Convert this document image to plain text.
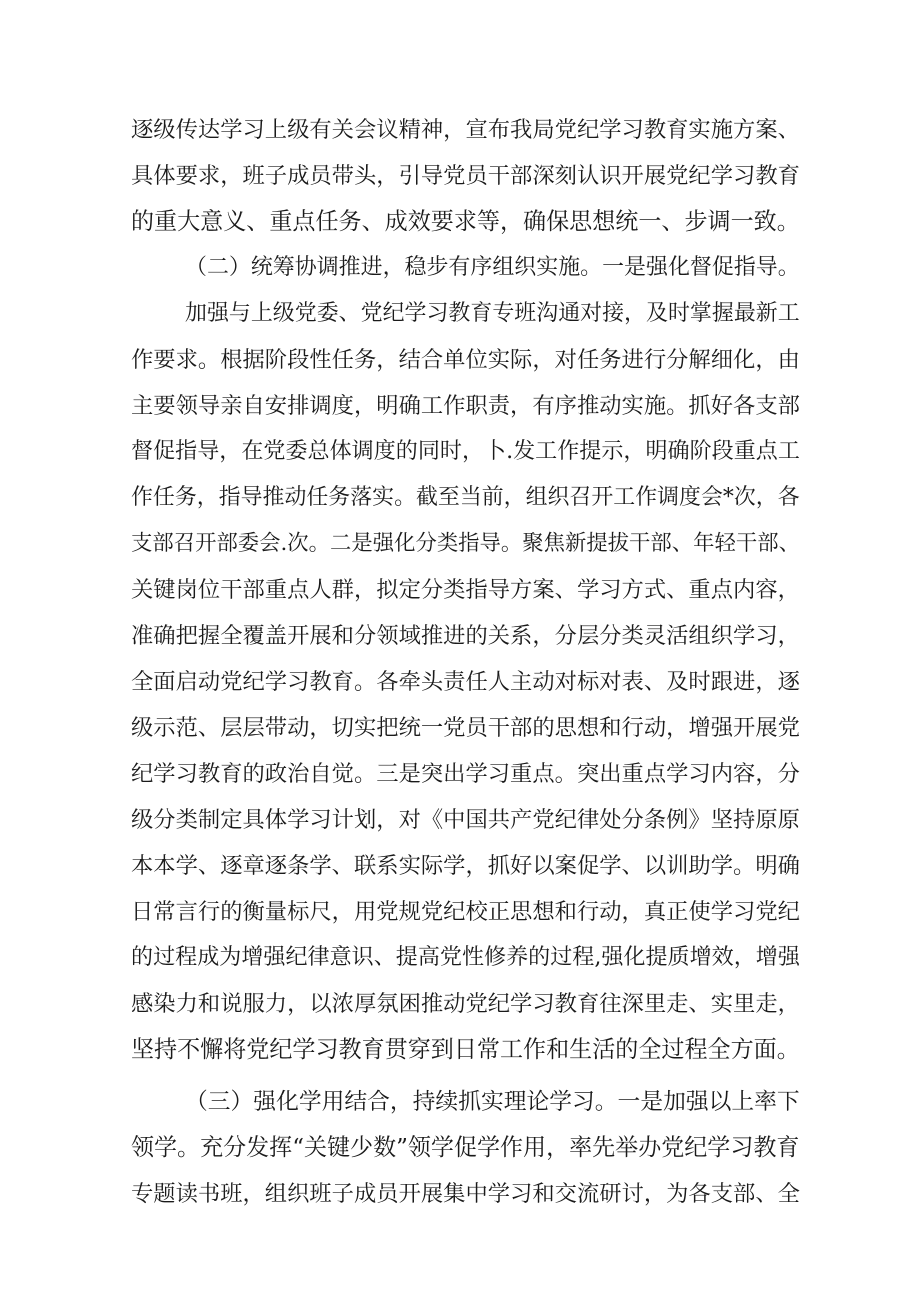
逐级传达学习上级有关会议精神，宣布我局党纪学习教育实施方案、
具体要求，班子成员带头，引导党员干部深刻认识开展党纪学习教育
的重大意义、重点任务、成效要求等，确保思想统一、步调一致。
（二）统筹协调推进，稳步有序组织实施。一是强化督促指导。
加强与上级党委、党纪学习教育专班沟通对接，及时掌握最新工
作要求。根据阶段性任务，结合单位实际，对任务进行分解细化，由
主要领导亲自安排调度，明确工作职责，有序推动实施。抓好各支部
督促指导，在党委总体调度的同时，卜.发工作提示，明确阶段重点工
作任务，指导推动任务落实。截至当前，组织召开工作调度会*次，各
支部召开部委会.次。二是强化分类指导。聚焦新提拔干部、年轻干部、
关键岗位干部重点人群，拟定分类指导方案、学习方式、重点内容，
准确把握全覆盖开展和分领域推进的关系，分层分类灵活组织学习，
全面启动党纪学习教育。各牵头责任人主动对标对表、及时跟进，逐
级示范、层层带动，切实把统一党员干部的思想和行动，增强开展党
纪学习教育的政治自觉。三是突出学习重点。突出重点学习内容，分
级分类制定具体学习计划，对《中国共产党纪律处分条例》坚持原原
本本学、逐章逐条学、联系实际学，抓好以案促学、以训助学。明确
日常言行的衡量标尺，用党规党纪校正思想和行动，真正使学习党纪
的过程成为增强纪律意识、提高党性修养的过程,强化提质增效，增强
感染力和说服力，以浓厚氛困推动党纪学习教育往深里走、实里走，
坚持不懈将党纪学习教育贯穿到日常工作和生活的全过程全方面。
（三）强化学用结合，持续抓实理论学习。一是加强以上率下
领学。充分发挥“关键少数”领学促学作用，率先举办党纪学习教育
专题读书班，组织班子成员开展集中学习和交流研讨，为各支部、全
